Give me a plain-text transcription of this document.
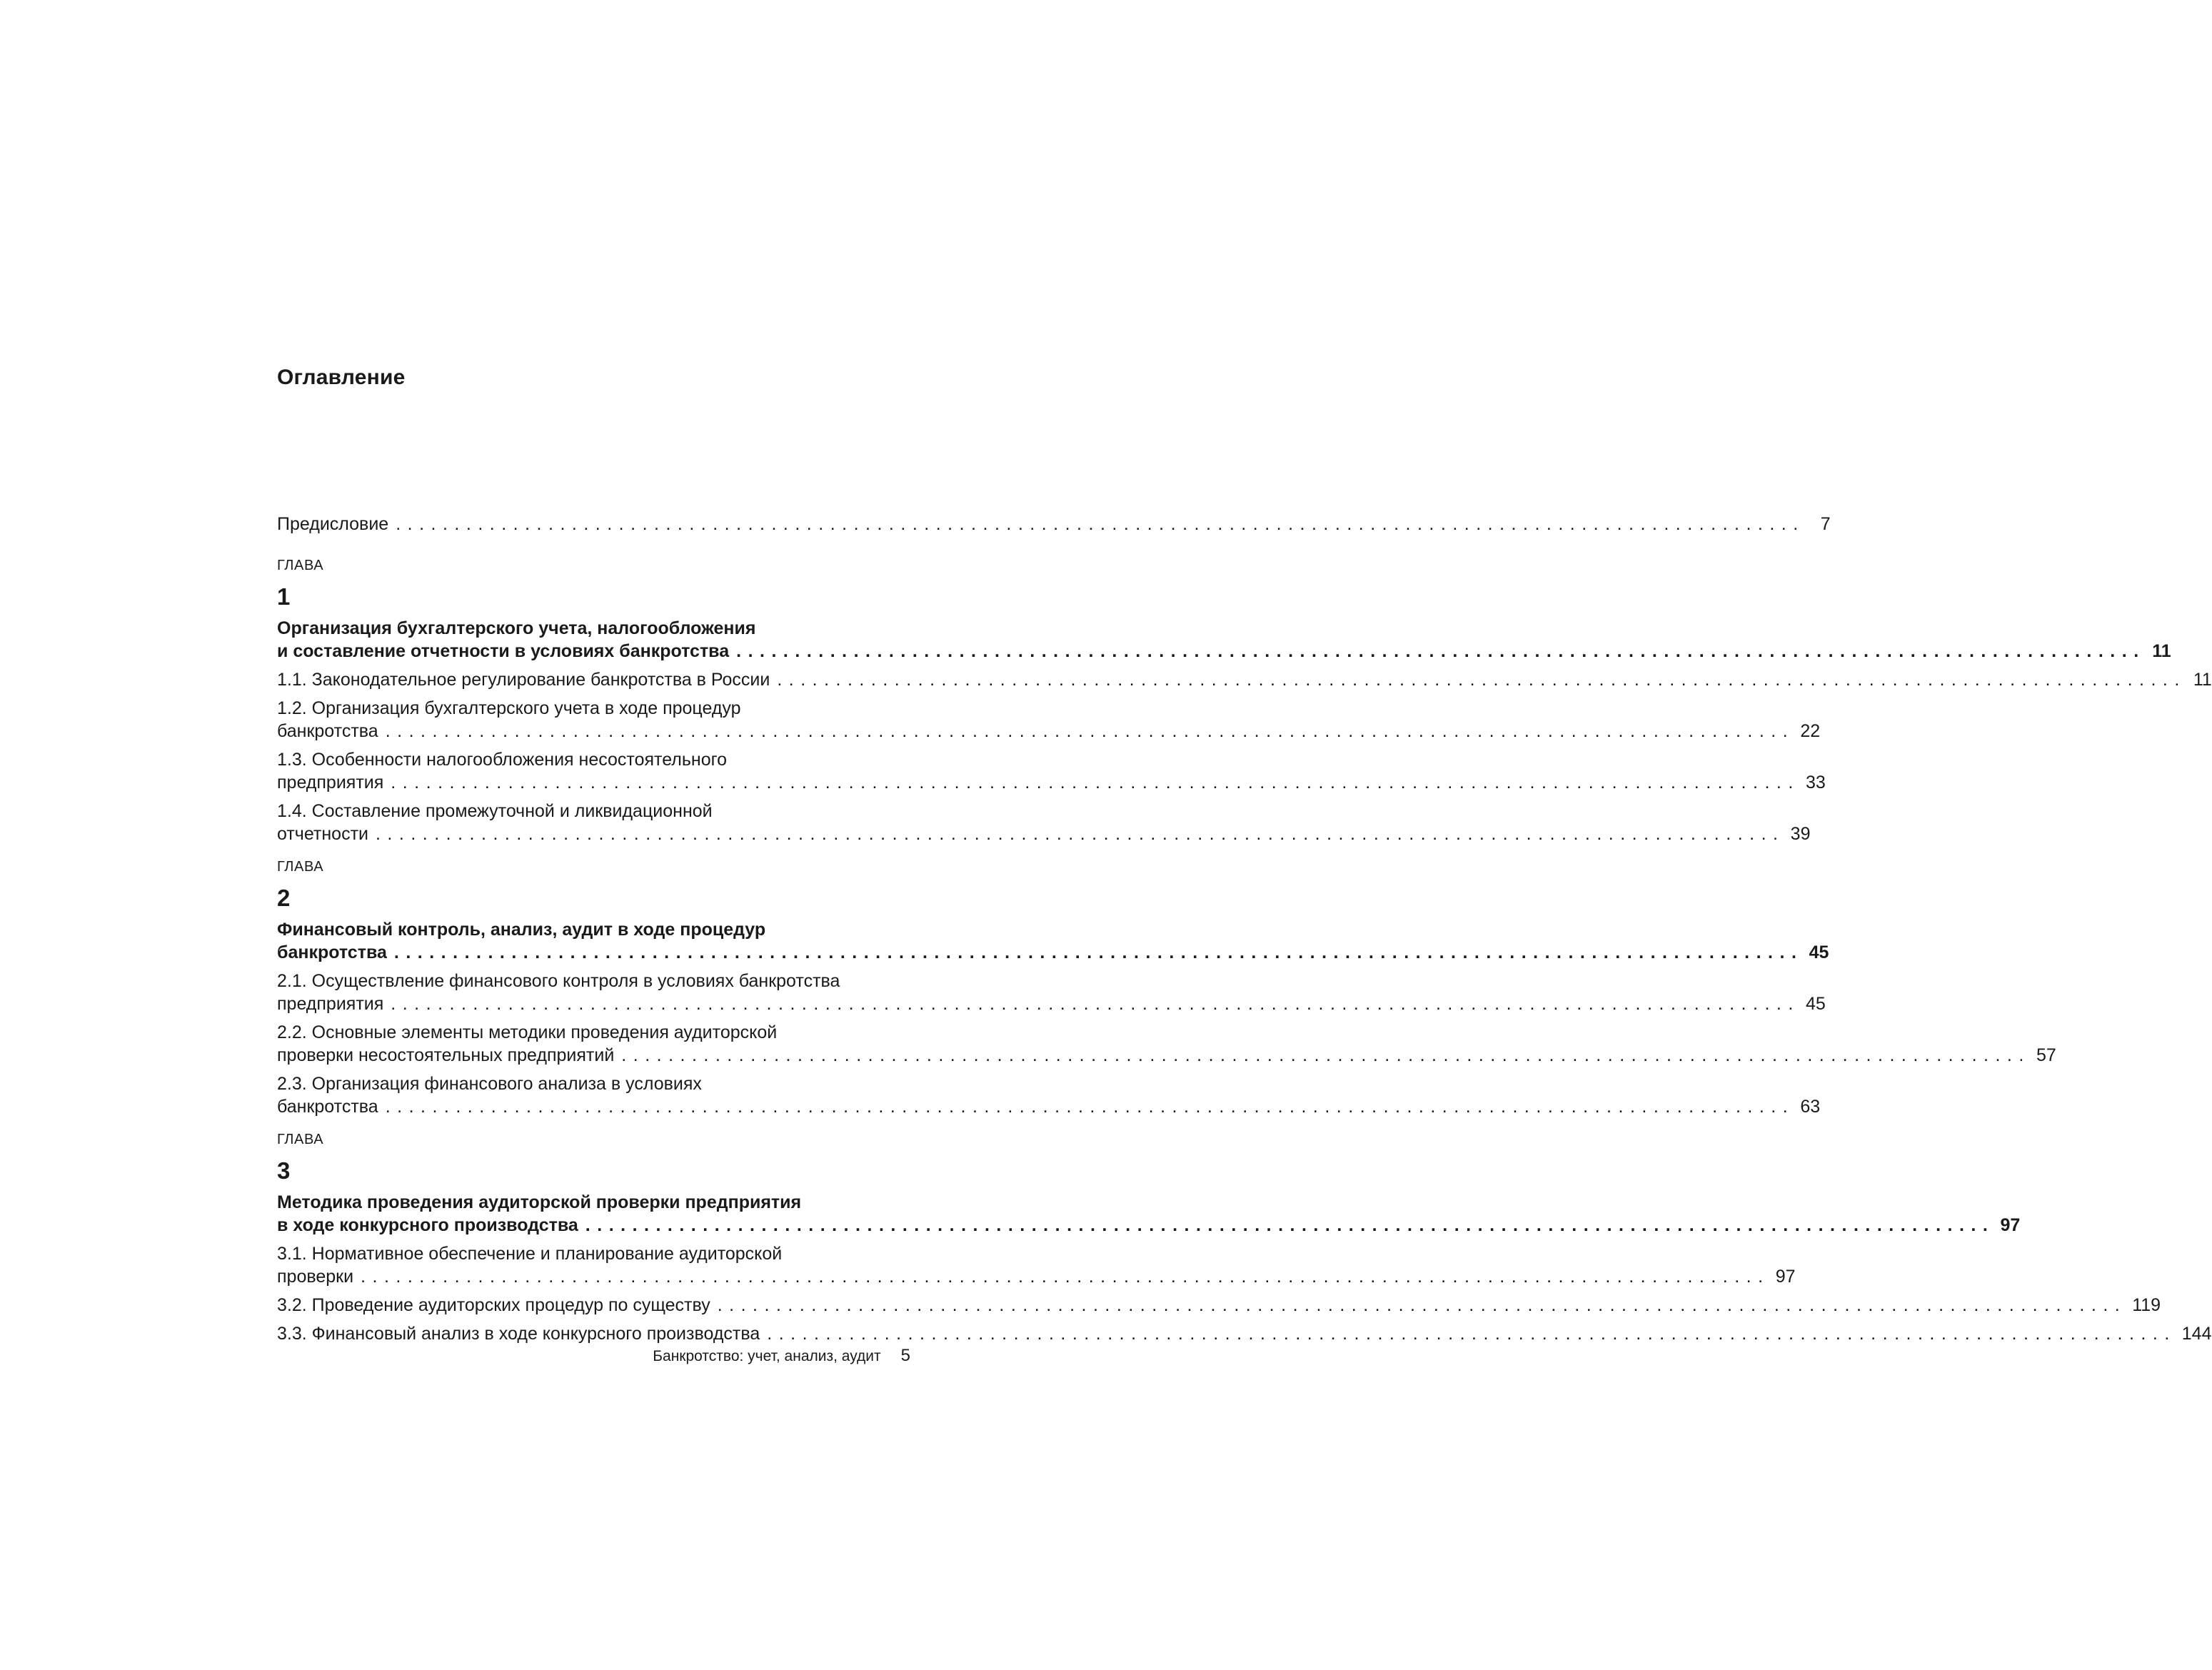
Оглавление
Предисловие ........................................................................................................................ 7
ГЛАВА
1
Организация бухгалтерского учета, налогообложения
и составление отчетности в условиях банкротства ........................................................................................................................ 11
1.1. Законодательное регулирование банкротства в России ........................................................................................................................ 11
1.2. Организация бухгалтерского учета в ходе процедур
банкротства ........................................................................................................................ 22
1.3. Особенности налогообложения несостоятельного
предприятия ........................................................................................................................ 33
1.4. Составление промежуточной и ликвидационной
отчетности ........................................................................................................................ 39
ГЛАВА
2
Финансовый контроль, анализ, аудит в ходе процедур
банкротства ........................................................................................................................ 45
2.1. Осуществление финансового контроля в условиях банкротства
предприятия ........................................................................................................................ 45
2.2. Основные элементы методики проведения аудиторской
проверки несостоятельных предприятий ........................................................................................................................ 57
2.3. Организация финансового анализа в условиях
банкротства ........................................................................................................................ 63
ГЛАВА
3
Методика проведения аудиторской проверки предприятия
в ходе конкурсного производства ........................................................................................................................ 97
3.1. Нормативное обеспечение и планирование аудиторской
проверки ........................................................................................................................ 97
3.2. Проведение аудиторских процедур по существу ........................................................................................................................ 119
3.3. Финансовый анализ в ходе конкурсного производства ........................................................................................................................ 144
Банкротство: учет, анализ, аудит 5
